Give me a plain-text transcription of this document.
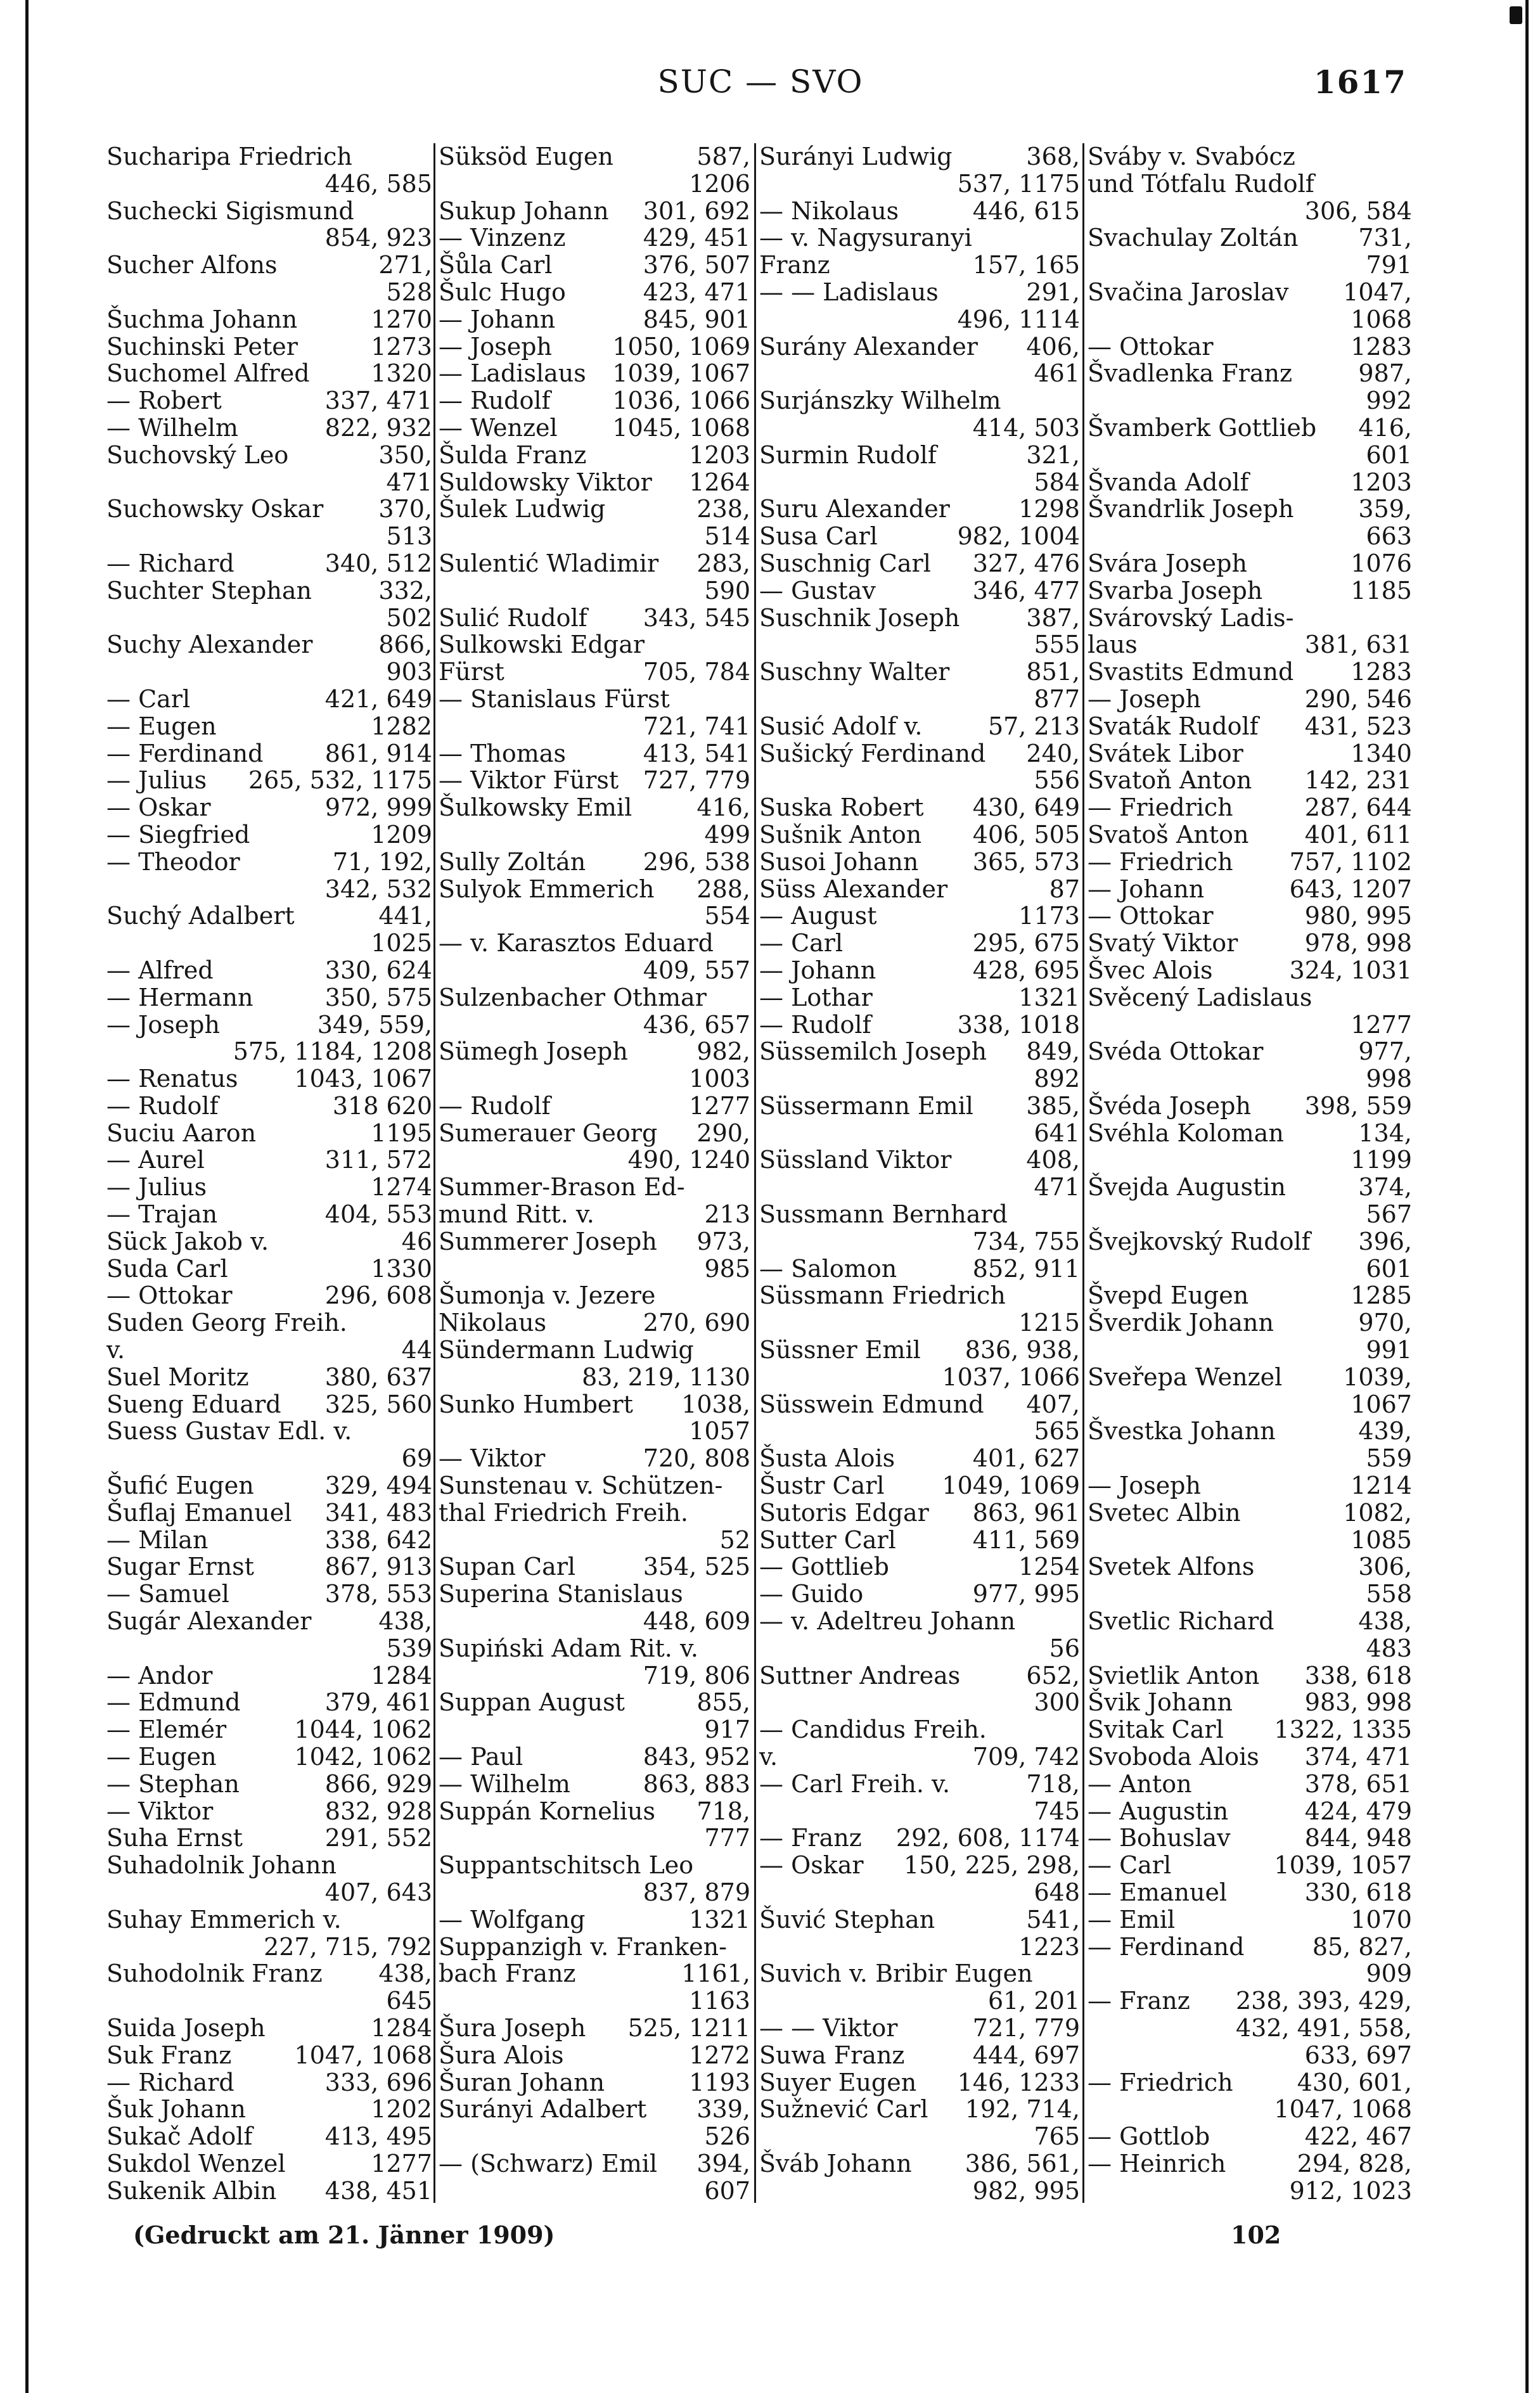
SUC — SVO	1617
Sucharipa Friedrich
446, 585
Suchecki Sigismund
854, 923
Sucher Alfons	271,
528
Šuchma Johann	1270
Suchinski Peter	1273
Suchomel Alfred	1320
— Robert	337, 471
— Wilhelm	822, 932
Suchovský Leo	350,
471
Suchowsky Oskar 370,
513
— Richard	340, 512
Suchter Stephan	332,
502
Suchy Alexander	866,
903
— Carl	421, 649
— Eugen	1282
— Ferdinand	861, 914
— Julius 265, 532, 1175
— Oskar	972, 999
— Siegfried	1209
— Theodor	71, 192,
342, 532
Suchý Adalbert	441,
1025
— Alfred	330, 624
— Hermann	350, 575
— Joseph	349, 559,
575, 1184, 1208
— Renatus 1043, 1067
— Rudolf	318 620
Suciu Aaron	1195
— Aurel	311, 572
— Julius	1274
— Trajan	404, 553
Sück Jakob v.	46
Suda Carl	1330
— Ottokar	296, 608
Suden Georg Freih.
v.	44
Suel Moritz	380, 637
Sueng Eduard 325, 560
Suess Gustav Edl. v.
69
Šufić Eugen	329, 494
Šuflaj Emanuel 341, 483
— Milan	338, 642
Sugar Ernst	867, 913
— Samuel	378, 553
Sugár Alexander	438,
539
— Andor	1284
— Edmund	379, 461
— Elemér	1044, 1062
— Eugen	1042, 1062
— Stephan	866, 929
— Viktor	832, 928
Suha Ernst	291, 552
Suhadolnik Johann
407, 643
Suhay Emmerich v.
227, 715, 792
Suhodolnik Franz 438,
645
Suida Joseph	1284
Suk Franz	1047, 1068
— Richard	333, 696
Šuk Johann	1202
Sukač Adolf	413, 495
Sukdol Wenzel	1277
Sukenik Albin 438, 451
Süksöd Eugen	587,
1206
Sukup Johann 301, 692
— Vinzenz	429, 451
Šůla Carl	376, 507
Šulc Hugo	423, 471
— Johann	845, 901
— Joseph	1050, 1069
— Ladislaus 1039, 1067
— Rudolf	1036, 1066
— Wenzel 1045, 1068
Šulda Franz	1203
Suldowsky Viktor 1264
Šulek Ludwig	238,
514
Sulentić Wladimir 283,
590
Sulić Rudolf 343, 545
Sulkowski Edgar
Fürst	705, 784
— Stanislaus Fürst
721, 741
— Thomas	413, 541
— Viktor Fürst 727, 779
Šulkowsky Emil	416,
499
Sully Zoltán 296, 538
Sulyok Emmerich 288,
554
— v. Karasztos Eduard
409, 557
Sulzenbacher Othmar
436, 657
Sümegh Joseph	982,
1003
— Rudolf	1277
Sumerauer Georg 290,
490, 1240
Summer-Brason Ed-
mund Ritt. v.	213
Summerer Joseph 973,
985
Šumonja v. Jezere
Nikolaus	270, 690
Sündermann Ludwig
83, 219, 1130
Sunko Humbert 1038,
1057
— Viktor	720, 808
Sunstenau v. Schützen-
thal Friedrich Freih.
52
Supan Carl	354, 525
Superina Stanislaus
448, 609
Supiński Adam Rit. v.
719, 806
Suppan August	855,
917
— Paul	843, 952
— Wilhelm	863, 883
Suppán Kornelius 718,
777
Suppantschitsch Leo
837, 879
— Wolfgang	1321
Suppanzigh v. Franken-
bach Franz	1161,
1163
Šura Joseph 525, 1211
Šura Alois	1272
Šuran Johann	1193
Surányi Adalbert 339,
526
— (Schwarz) Emil 394,
607
Surányi Ludwig	368,
537, 1175
— Nikolaus	446, 615
— v. Nagysuranyi
Franz	157, 165
— — Ladislaus	291,
496, 1114
Surány Alexander 406,
461
Surjánszky Wilhelm
414, 503
Surmin Rudolf	321,
584
Suru Alexander	1298
Susa Carl	982, 1004
Suschnig Carl 327, 476
— Gustav	346, 477
Suschnik Joseph	387,
555
Suschny Walter	851,
877
Susić Adolf v.	57, 213
Sušický Ferdinand 240,
556
Suska Robert 430, 649
Sušnik Anton 406, 505
Susoi Johann 365, 573
Süss Alexander	87
— August	1173
— Carl	295, 675
— Johann	428, 695
— Lothar	1321
— Rudolf	338, 1018
Süssemilch Joseph 849,
892
Süssermann Emil 385,
641
Süssland Viktor	408,
471
Sussmann Bernhard
734, 755
— Salomon	852, 911
Süssmann Friedrich
1215
Süssner Emil 836, 938,
1037, 1066
Süsswein Edmund 407,
565
Šusta Alois	401, 627
Šustr Carl 1049, 1069
Sutoris Edgar 863, 961
Sutter Carl	411, 569
— Gottlieb	1254
— Guido	977, 995
— v. Adeltreu Johann
56
Suttner Andreas	652,
300
— Candidus Freih.
v.	709, 742
— Carl Freih. v.	718,
745
— Franz 292, 608, 1174
— Oskar 150, 225, 298,
648
Šuvić Stephan	541,
1223
Suvich v. Bribir Eugen
61, 201
— — Viktor	721, 779
Suwa Franz	444, 697
Suyer Eugen 146, 1233
Sužnević Carl 192, 714,
765
Šváb Johann 386, 561,
982, 995
Sváby v. Svabócz
und Tótfalu Rudolf
306, 584
Svachulay Zoltán 731,
791
Svačina Jaroslav 1047,
1068
— Ottokar	1283
Švadlenka Franz	987,
992
Švamberk Gottlieb 416,
601
Švanda Adolf	1203
Švandrlik Joseph	359,
663
Svára Joseph	1076
Svarba Joseph	1185
Svárovský Ladis-
laus	381, 631
Svastits Edmund 1283
— Joseph	290, 546
Svaták Rudolf 431, 523
Svátek Libor	1340
Svatoň Anton 142, 231
— Friedrich	287, 644
Svatoš Anton 401, 611
— Friedrich 757, 1102
— Johann	643, 1207
— Ottokar	980, 995
Svatý Viktor	978, 998
Švec Alois	324, 1031
Svěcený Ladislaus
1277
Svéda Ottokar	977,
998
Švéda Joseph 398, 559
Svéhla Koloman	134,
1199
Švejda Augustin	374,
567
Švejkovský Rudolf 396,
601
Švepd Eugen	1285
Šverdik Johann	970,
991
Sveřepa Wenzel	1039,
1067
Švestka Johann	439,
559
— Joseph	1214
Svetec Albin	1082,
1085
Svetek Alfons	306,
558
Svetlic Richard	438,
483
Svietlik Anton 338, 618
Švik Johann	983, 998
Svitak Carl 1322, 1335
Svoboda Alois 374, 471
— Anton	378, 651
— Augustin	424, 479
— Bohuslav	844, 948
— Carl	1039, 1057
— Emanuel	330, 618
— Emil	1070
— Ferdinand	85, 827,
909
— Franz 238, 393, 429,
432, 491, 558,
633, 697
— Friedrich	430, 601,
1047, 1068
— Gottlob	422, 467
— Heinrich	294, 828,
912, 1023
(Gedruckt am 21. Jänner 1909)	102
